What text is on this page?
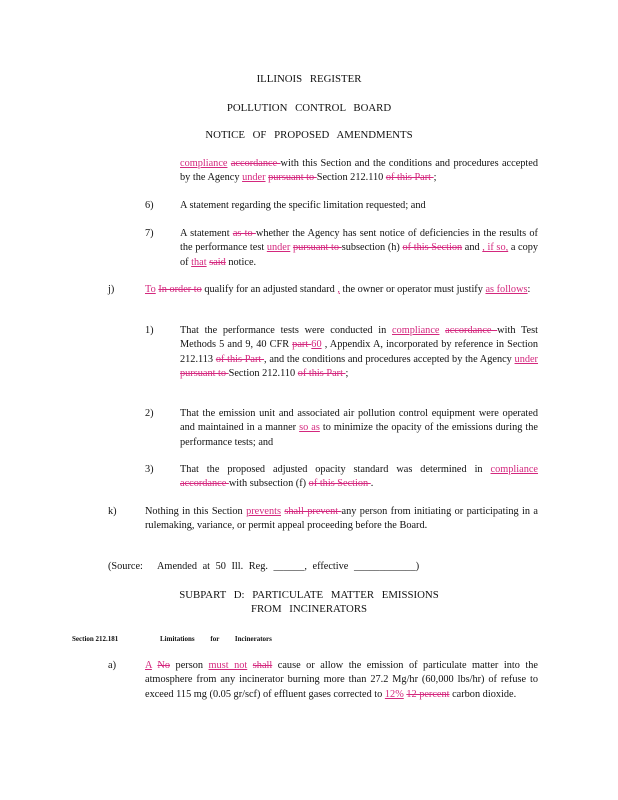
ILLINOIS REGISTER
POLLUTION CONTROL BOARD
NOTICE OF PROPOSED AMENDMENTS
compliance accordance with this Section and the conditions and procedures accepted by the Agency under pursuant to Section 212.110 of this Part ;
6)	A statement regarding the specific limitation requested; and
7)	A statement as to whether the Agency has sent notice of deficiencies in the results of the performance test under pursuant to subsection (h) of this Section and , if so, a copy of that said notice.
j)	To In order to qualify for an adjusted standard , the owner or operator must justify as follows:
1)	That the performance tests were conducted in compliance accordance with Test Methods 5 and 9, 40 CFR part 60 , Appendix A, incorporated by reference in Section 212.113 of this Part , and the conditions and procedures accepted by the Agency under pursuant to Section 212.110 of this Part ;
2)	That the emission unit and associated air pollution control equipment were operated and maintained in a manner so as to minimize the opacity of the emissions during the performance tests; and
3)	That the proposed adjusted opacity standard was determined in compliance accordance with subsection (f) of this Section .
k)	Nothing in this Section prevents shall prevent any person from initiating or participating in a rulemaking, variance, or permit appeal proceeding before the Board.
(Source: Amended at 50 Ill. Reg. ______, effective ____________)
SUBPART D: PARTICULATE MATTER EMISSIONS
FROM INCINERATORS
Section 212.181	Limitations for Incinerators
a)	A No person must not shall cause or allow the emission of particulate matter into the atmosphere from any incinerator burning more than 27.2 Mg/hr (60,000 lbs/hr) of refuse to exceed 115 mg (0.05 gr/scf) of effluent gases corrected to 12% 12 percent carbon dioxide.
